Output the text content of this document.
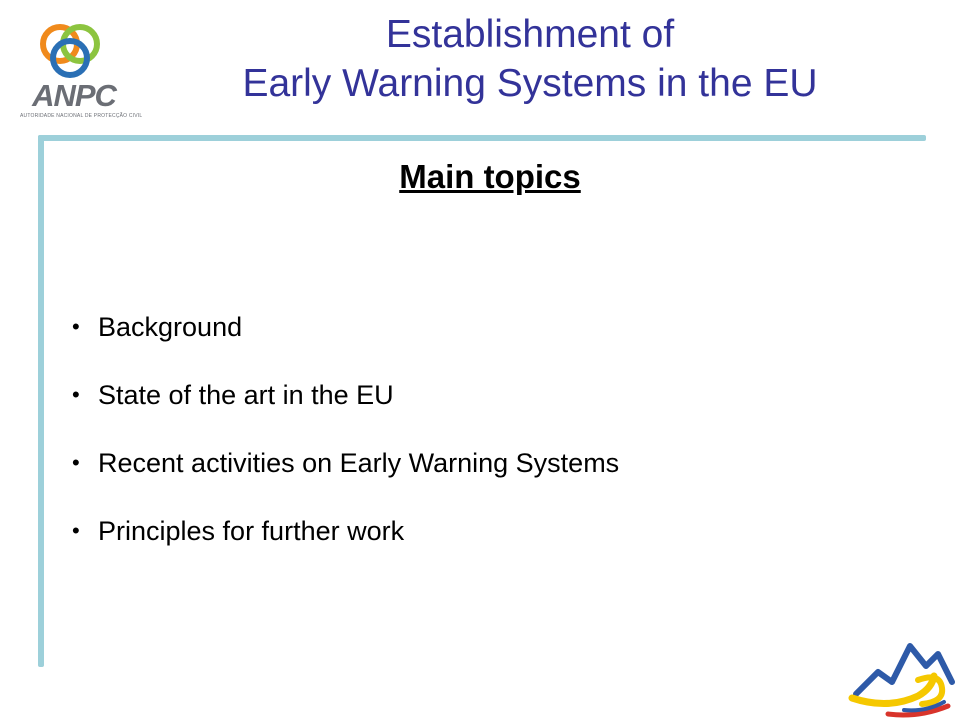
ANPC
AUTORIDADE NACIONAL DE PROTECÇÃO CIVIL
Establishment of
Early Warning Systems in the EU
Main topics
• Background
• State of the art in the EU
• Recent activities on Early Warning Systems
• Principles for further work
